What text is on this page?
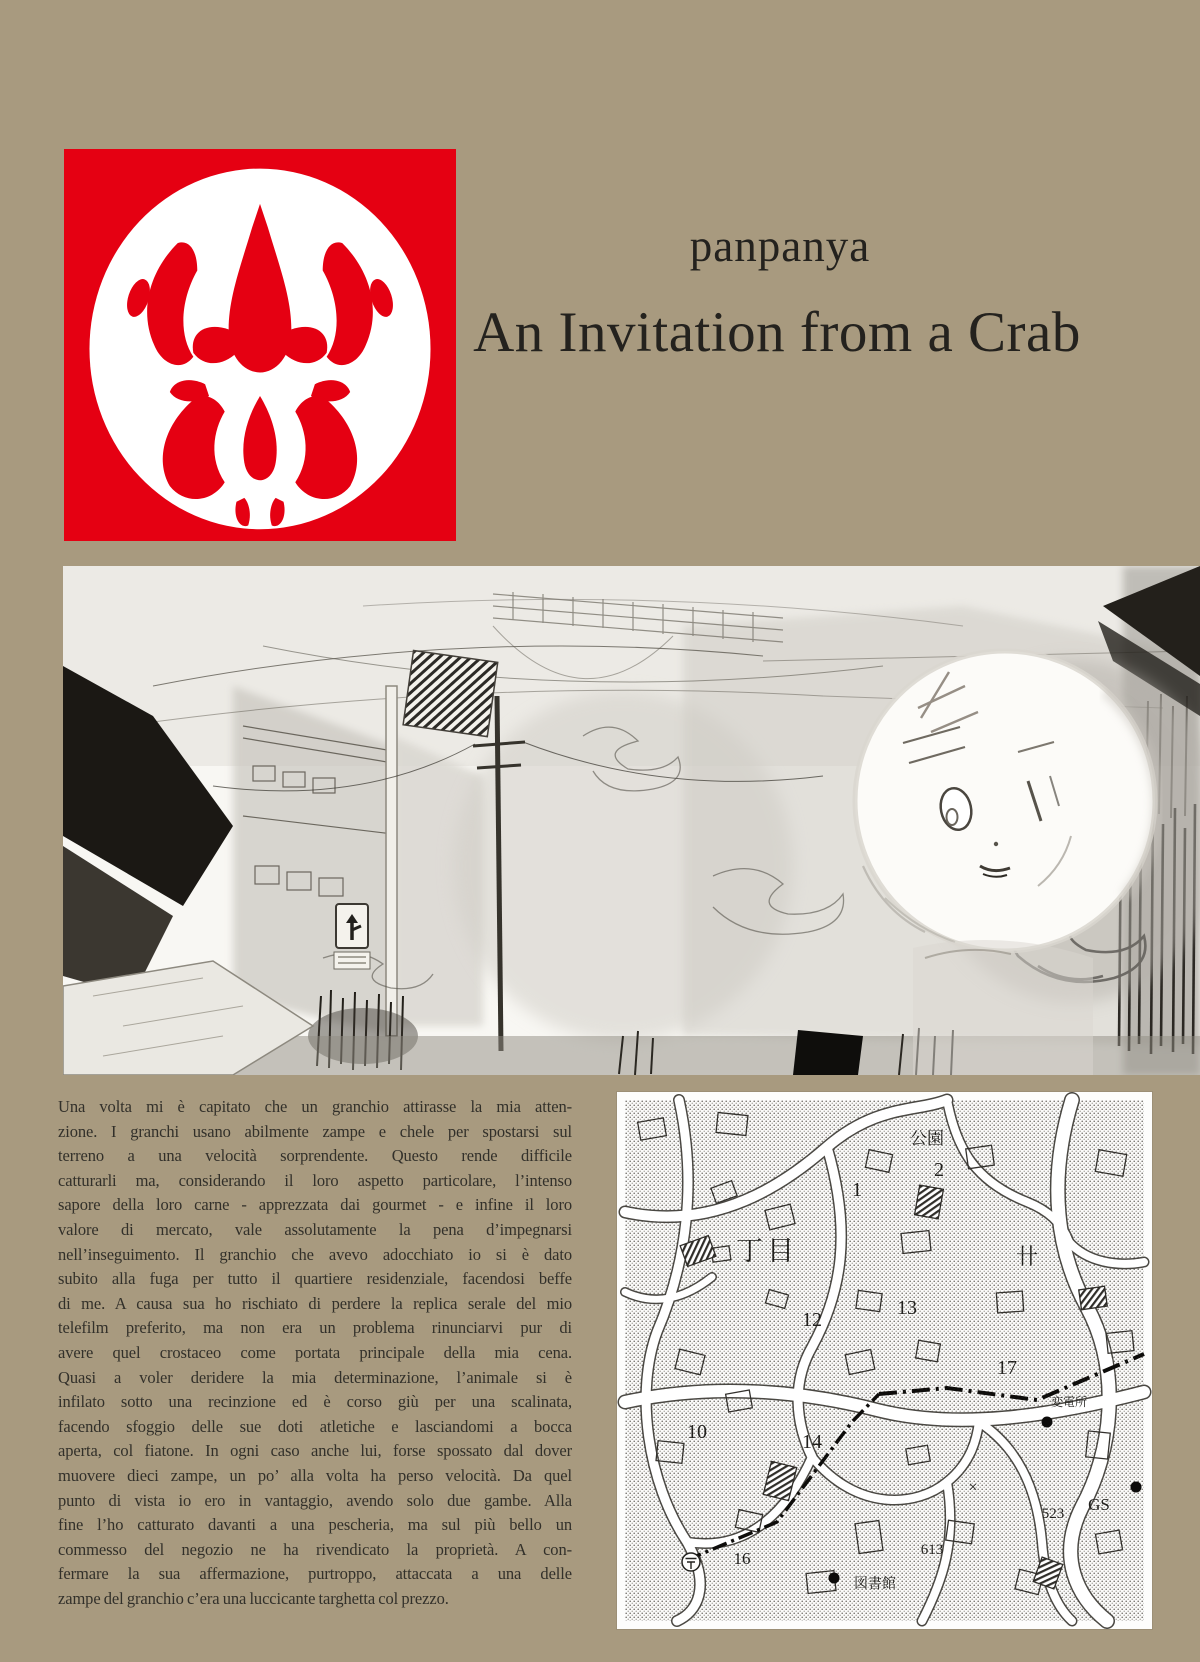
panpanya
An Invitation from a Crab
Una volta mi è capitato che un granchio attirasse la mia atten-
zione. I granchi usano abilmente zampe e chele per spostarsi sul
terreno a una velocità sorprendente. Questo rende difficile
catturarli ma, considerando il loro aspetto particolare, l’intenso
sapore della loro carne - apprezzata dai gourmet - e infine il loro
valore di mercato, vale assolutamente la pena d’impegnarsi
nell’inseguimento. Il granchio che avevo adocchiato io si è dato
subito alla fuga per tutto il quartiere residenziale, facendosi beffe
di me. A causa sua ho rischiato di perdere la replica serale del mio
telefilm preferito, ma non era un problema rinunciarvi pur di
avere quel crostaceo come portata principale della mia cena.
Quasi a voler deridere la mia determinazione, l’animale si è
infilato sotto una recinzione ed è corso giù per una scalinata,
facendo sfoggio delle sue doti atletiche e lasciandomi a bocca
aperta, col fiatone. In ogni caso anche lui, forse spossato dal dover
muovere dieci zampe, un po’ alla volta ha perso velocità. Da quel
punto di vista io ero in vantaggio, avendo solo due gambe. Alla
fine l’ho catturato davanti a una pescheria, ma sul più bello un
commesso del negozio ne ha rivendicato la proprietà. A con-
fermare la sua affermazione, purtroppo, attaccata a una delle
zampe del granchio c’era una luccicante targhetta col prezzo.
公園
2
1
丁目
12
13
卄
10	14
17
×
変電所
523 GS
613
16
図書館
